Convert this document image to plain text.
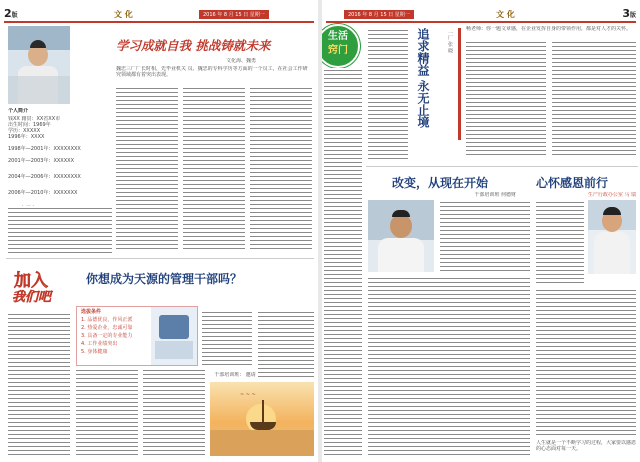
2版	文 化	2016 年 8 月 15 日 星期一
学习成就自我 挑战铸就未来
文化海、魏勇
魏忠三厂厂长时相，先毕业机关 员、魏忠的专科学历等方面的一个员工，在社会工作研究领域都有着突出表现。
个人简介
钱XX 籍贯：XX省XX市
出生时间：1969年
学历：XXXXX
1996年：XXXX
1998年—2001年：XXXXXXXX
2001年—2003年：XXXXXX
2004年—2006年：XXXXXXXX
2006年—2010年：XXXXXXX
加入
我们吧
你想成为天源的管理干部吗？
选拔条件
1. 品德优良，作风正派
2. 热爱企业，忠诚可靠
3. 具备一定的专业能力
4. 工作业绩突出
5. 身体健康
干部培训班： 邀请
~ ~ ~
2016 年 8 月 15 日 星期一	文 化	3版
生活
窍门	追求精益 永无止境	一厂 张 晓
畅老师：你一题文章感，在企业发挥自身的带领作用，都是对人才的关怀。
改变，从现在开始
干部培训班 何德财
心怀感恩前行
生产行政办公室 马 瑞
人生就是一个不断学习的过程，大家要以感恩的心态面对每一天。
